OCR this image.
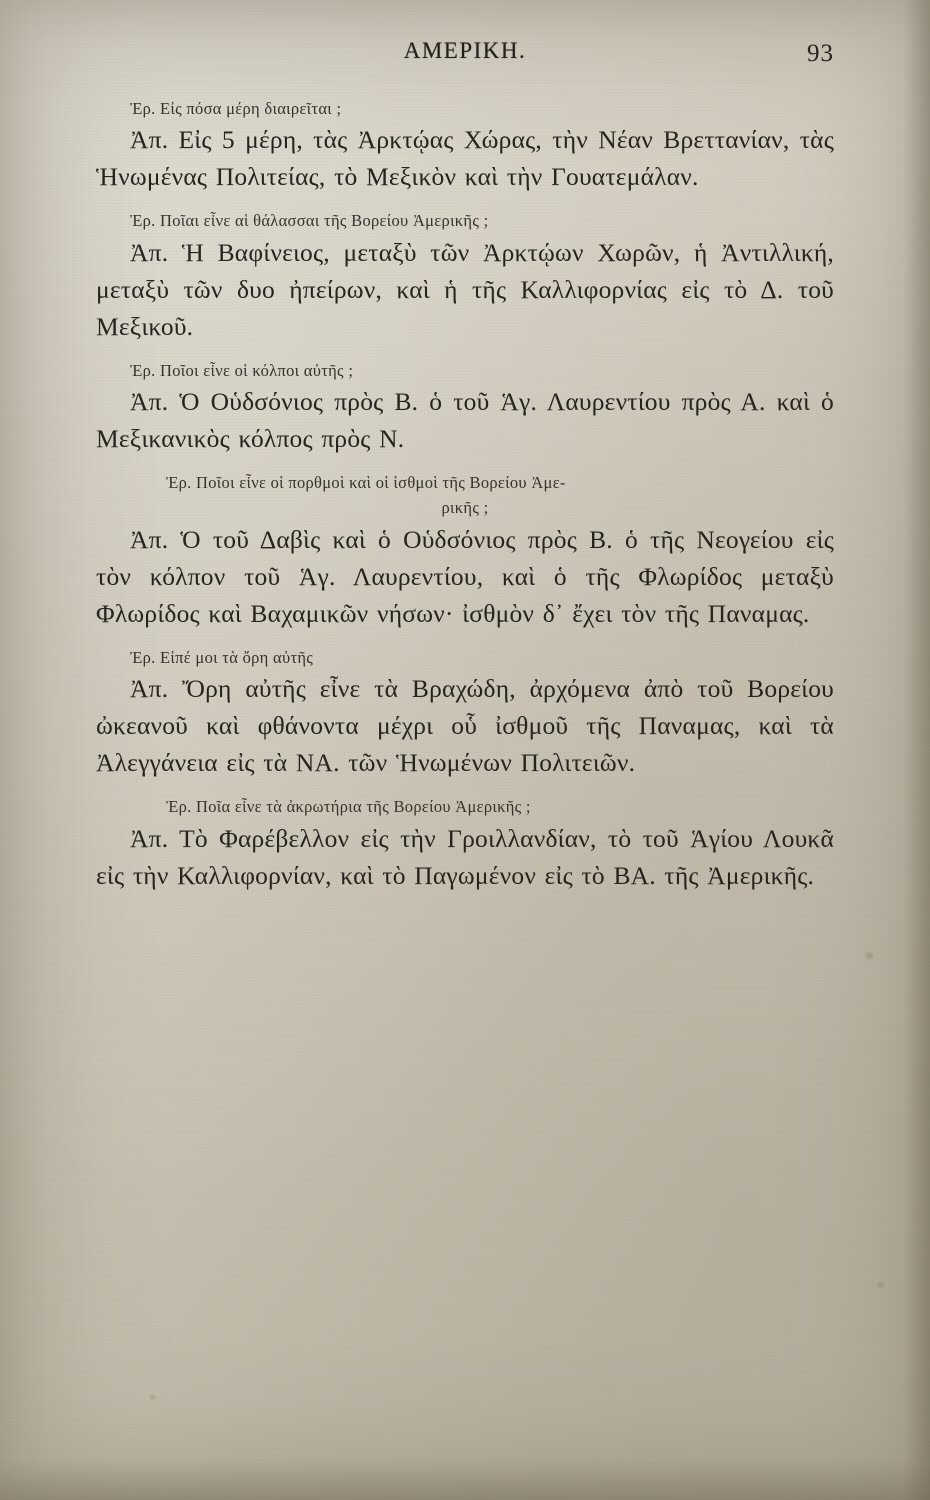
ΑΜΕΡΙΚΗ.	93

Ἐρ. Εἰς πόσα μέρη διαιρεῖται ;

Ἀπ. Εἰς 5 μέρη, τὰς Ἀρκτῴας Χώρας, τὴν Νέαν Βρεττανίαν, τὰς Ἡνωμένας Πολιτείας, τὸ Μεξικὸν καὶ τὴν Γουατεμάλαν.

Ἐρ. Ποῖαι εἶνε αἱ θάλασσαι τῆς Βορείου Ἀμερικῆς ;

Ἀπ. Ἡ Βαφίνειος, μεταξὺ τῶν Ἀρκτῴων Χωρῶν, ἡ Ἀντιλλική, μεταξὺ τῶν δυο ἠπείρων, καὶ ἡ τῆς Καλλιφορνίας εἰς τὸ Δ. τοῦ Μεξικοῦ.

Ἐρ. Ποῖοι εἶνε οἱ κόλποι αὐτῆς ;

Ἀπ. Ὁ Οὑδσόνιος πρὸς Β. ὁ τοῦ Ἁγ. Λαυρεντίου πρὸς Α. καὶ ὁ Μεξικανικὸς κόλπος πρὸς Ν.

Ἐρ. Ποῖοι εἶνε οἱ πορθμοὶ καὶ οἱ ἰσθμοὶ τῆς Βορείου Ἀμε-

ρικῆς ;

Ἀπ. Ὁ τοῦ Δαβὶς καὶ ὁ Οὑδσόνιος πρὸς Β. ὁ τῆς Νεογείου εἰς τὸν κόλπον τοῦ Ἁγ. Λαυρεντίου, καὶ ὁ τῆς Φλωρίδος μεταξὺ Φλωρίδος καὶ Βαχαμικῶν νήσων· ἰσθμὸν δ᾽ ἔχει τὸν τῆς Παναμας.

Ἐρ. Εἰπέ μοι τὰ ὄρη αὐτῆς

Ἀπ. Ὄρη αὐτῆς εἶνε τὰ Βραχώδη, ἀρχόμενα ἀπὸ τοῦ Βορείου ὠκεανοῦ καὶ φθάνοντα μέχρι οὗ ἰσθμοῦ τῆς Παναμας, καὶ τὰ Ἀλεγγάνεια εἰς τὰ ΝΑ. τῶν Ἡνωμένων Πολιτειῶν.

Ἐρ. Ποῖα εἶνε τὰ ἀκρωτήρια τῆς Βορείου Ἀμερικῆς ;

Ἀπ. Τὸ Φαρέβελλον εἰς τὴν Γροιλλανδίαν, τὸ τοῦ Ἁγίου Λουκᾶ εἰς τὴν Καλλιφορνίαν, καὶ τὸ Παγωμένον εἰς τὸ ΒΑ. τῆς Ἀμερικῆς.
